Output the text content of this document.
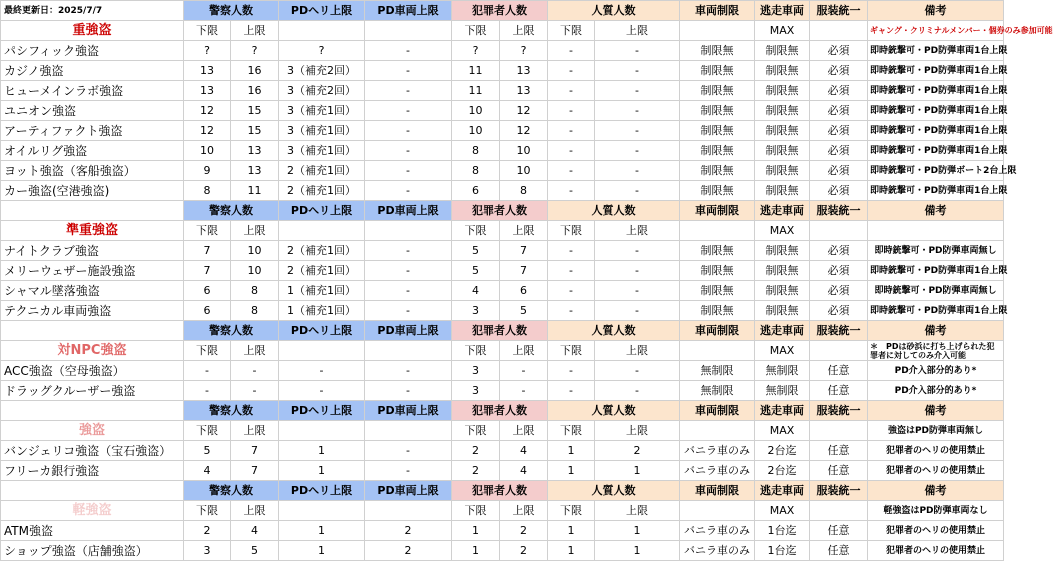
最終更新日：2025/7/7	警察人数		PDヘリ上限	PD車両上限	犯罪者人数		人質人数		車両制限	逃走車両	服装統一	備考
重強盗	下限	上限			下限	上限	下限	上限		MAX		ギャング・クリミナルメンバー・個券のみ参加可能
パシフィック強盗	?	?	?	-	?	?	-	-	制限無	制限無	必須	即時銃撃可・PD防弾車両1台上限
カジノ強盗	13	16	3（補充2回）	-	11	13	-	-	制限無	制限無	必須	即時銃撃可・PD防弾車両1台上限
ヒューメインラボ強盗	13	16	3（補充2回）	-	11	13	-	-	制限無	制限無	必須	即時銃撃可・PD防弾車両1台上限
ユニオン強盗	12	15	3（補充1回）	-	10	12	-	-	制限無	制限無	必須	即時銃撃可・PD防弾車両1台上限
アーティファクト強盗	12	15	3（補充1回）	-	10	12	-	-	制限無	制限無	必須	即時銃撃可・PD防弾車両1台上限
オイルリグ強盗	10	13	3（補充1回）	-	8	10	-	-	制限無	制限無	必須	即時銃撃可・PD防弾車両1台上限
ヨット強盗（客船強盗）	9	13	2（補充1回）	-	8	10	-	-	制限無	制限無	必須	即時銃撃可・PD防弾ボート2台上限
カー強盗(空港強盗)	8	11	2（補充1回）	-	6	8	-	-	制限無	制限無	必須	即時銃撃可・PD防弾車両1台上限
	警察人数		PDヘリ上限	PD車両上限	犯罪者人数		人質人数		車両制限	逃走車両	服装統一	備考
準重強盗	下限	上限			下限	上限	下限	上限		MAX		
ナイトクラブ強盗	7	10	2（補充1回）	-	5	7	-	-	制限無	制限無	必須	即時銃撃可・PD防弾車両無し
メリーウェザー施設強盗	7	10	2（補充1回）	-	5	7	-	-	制限無	制限無	必須	即時銃撃可・PD防弾車両1台上限
シャマル墜落強盗	6	8	1（補充1回）	-	4	6	-	-	制限無	制限無	必須	即時銃撃可・PD防弾車両無し
テクニカル車両強盗	6	8	1（補充1回）	-	3	5	-	-	制限無	制限無	必須	即時銃撃可・PD防弾車両1台上限
	警察人数		PDヘリ上限	PD車両上限	犯罪者人数		人質人数		車両制限	逃走車両	服装統一	備考
対NPC強盗	下限	上限			下限	上限	下限	上限		MAX		＊　PDは砂浜に打ち上げられた犯罪者に対してのみ介入可能
ACC強盗（空母強盗）	-	-	-	-	3	-	-	-	無制限	無制限	任意	PD介入部分的あり*
ドラッグクルーザー強盗	-	-	-	-	3	-	-	-	無制限	無制限	任意	PD介入部分的あり*
	警察人数		PDヘリ上限	PD車両上限	犯罪者人数		人質人数		車両制限	逃走車両	服装統一	備考
強盗	下限	上限			下限	上限	下限	上限		MAX		強盗はPD防弾車両無し
バンジェリコ強盗（宝石強盗）	5	7	1	-	2	4	1	2	バニラ車のみ	2台迄	任意	犯罪者のヘリの使用禁止
フリーカ銀行強盗	4	7	1	-	2	4	1	1	バニラ車のみ	2台迄	任意	犯罪者のヘリの使用禁止
	警察人数		PDヘリ上限	PD車両上限	犯罪者人数		人質人数		車両制限	逃走車両	服装統一	備考
軽強盗	下限	上限			下限	上限	下限	上限		MAX		軽強盗はPD防弾車両なし
ATM強盗	2	4	1	2	1	2	1	1	バニラ車のみ	1台迄	任意	犯罪者のヘリの使用禁止
ショップ強盗（店舗強盗）	3	5	1	2	1	2	1	1	バニラ車のみ	1台迄	任意	犯罪者のヘリの使用禁止
